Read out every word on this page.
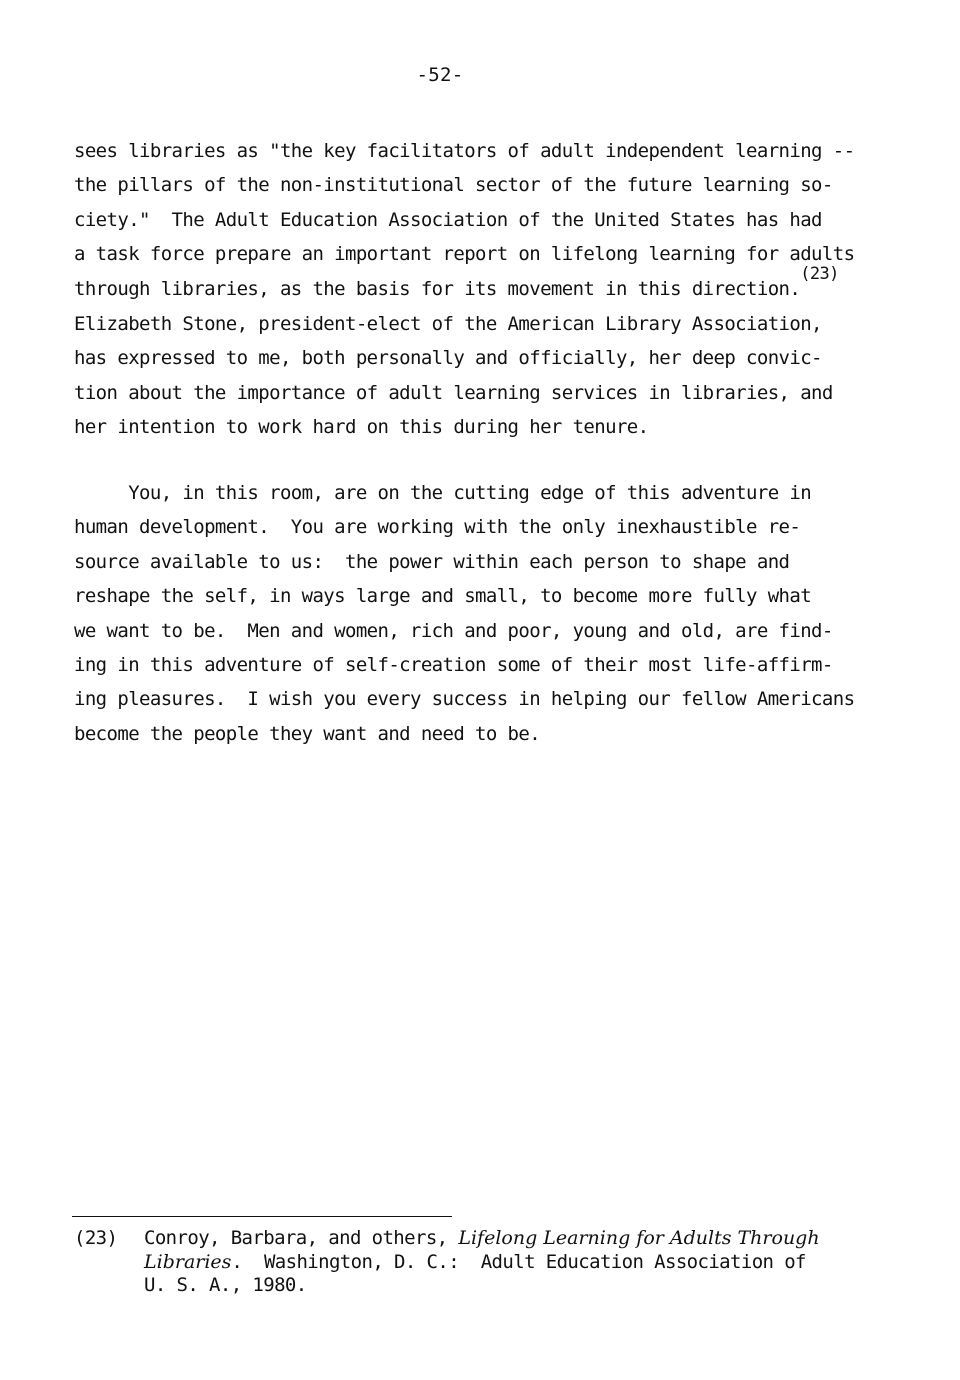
-52-
sees libraries as "the key facilitators of adult independent learning --
the pillars of the non-institutional sector of the future learning so-
ciety."  The Adult Education Association of the United States has had
a task force prepare an important report on lifelong learning for adults
through libraries, as the basis for its movement in this direction.(23)
Elizabeth Stone, president-elect of the American Library Association,
has expressed to me, both personally and officially, her deep convic-
tion about the importance of adult learning services in libraries, and
her intention to work hard on this during her tenure.
You, in this room, are on the cutting edge of this adventure in
human development.  You are working with the only inexhaustible re-
source available to us:  the power within each person to shape and
reshape the self, in ways large and small, to become more fully what
we want to be.  Men and women, rich and poor, young and old, are find-
ing in this adventure of self-creation some of their most life-affirm-
ing pleasures.  I wish you every success in helping our fellow Americans
become the people they want and need to be.
(23)	Conroy, Barbara, and others, Lifelong Learning for Adults Through
Libraries.  Washington, D. C.:  Adult Education Association of
U. S. A., 1980.
